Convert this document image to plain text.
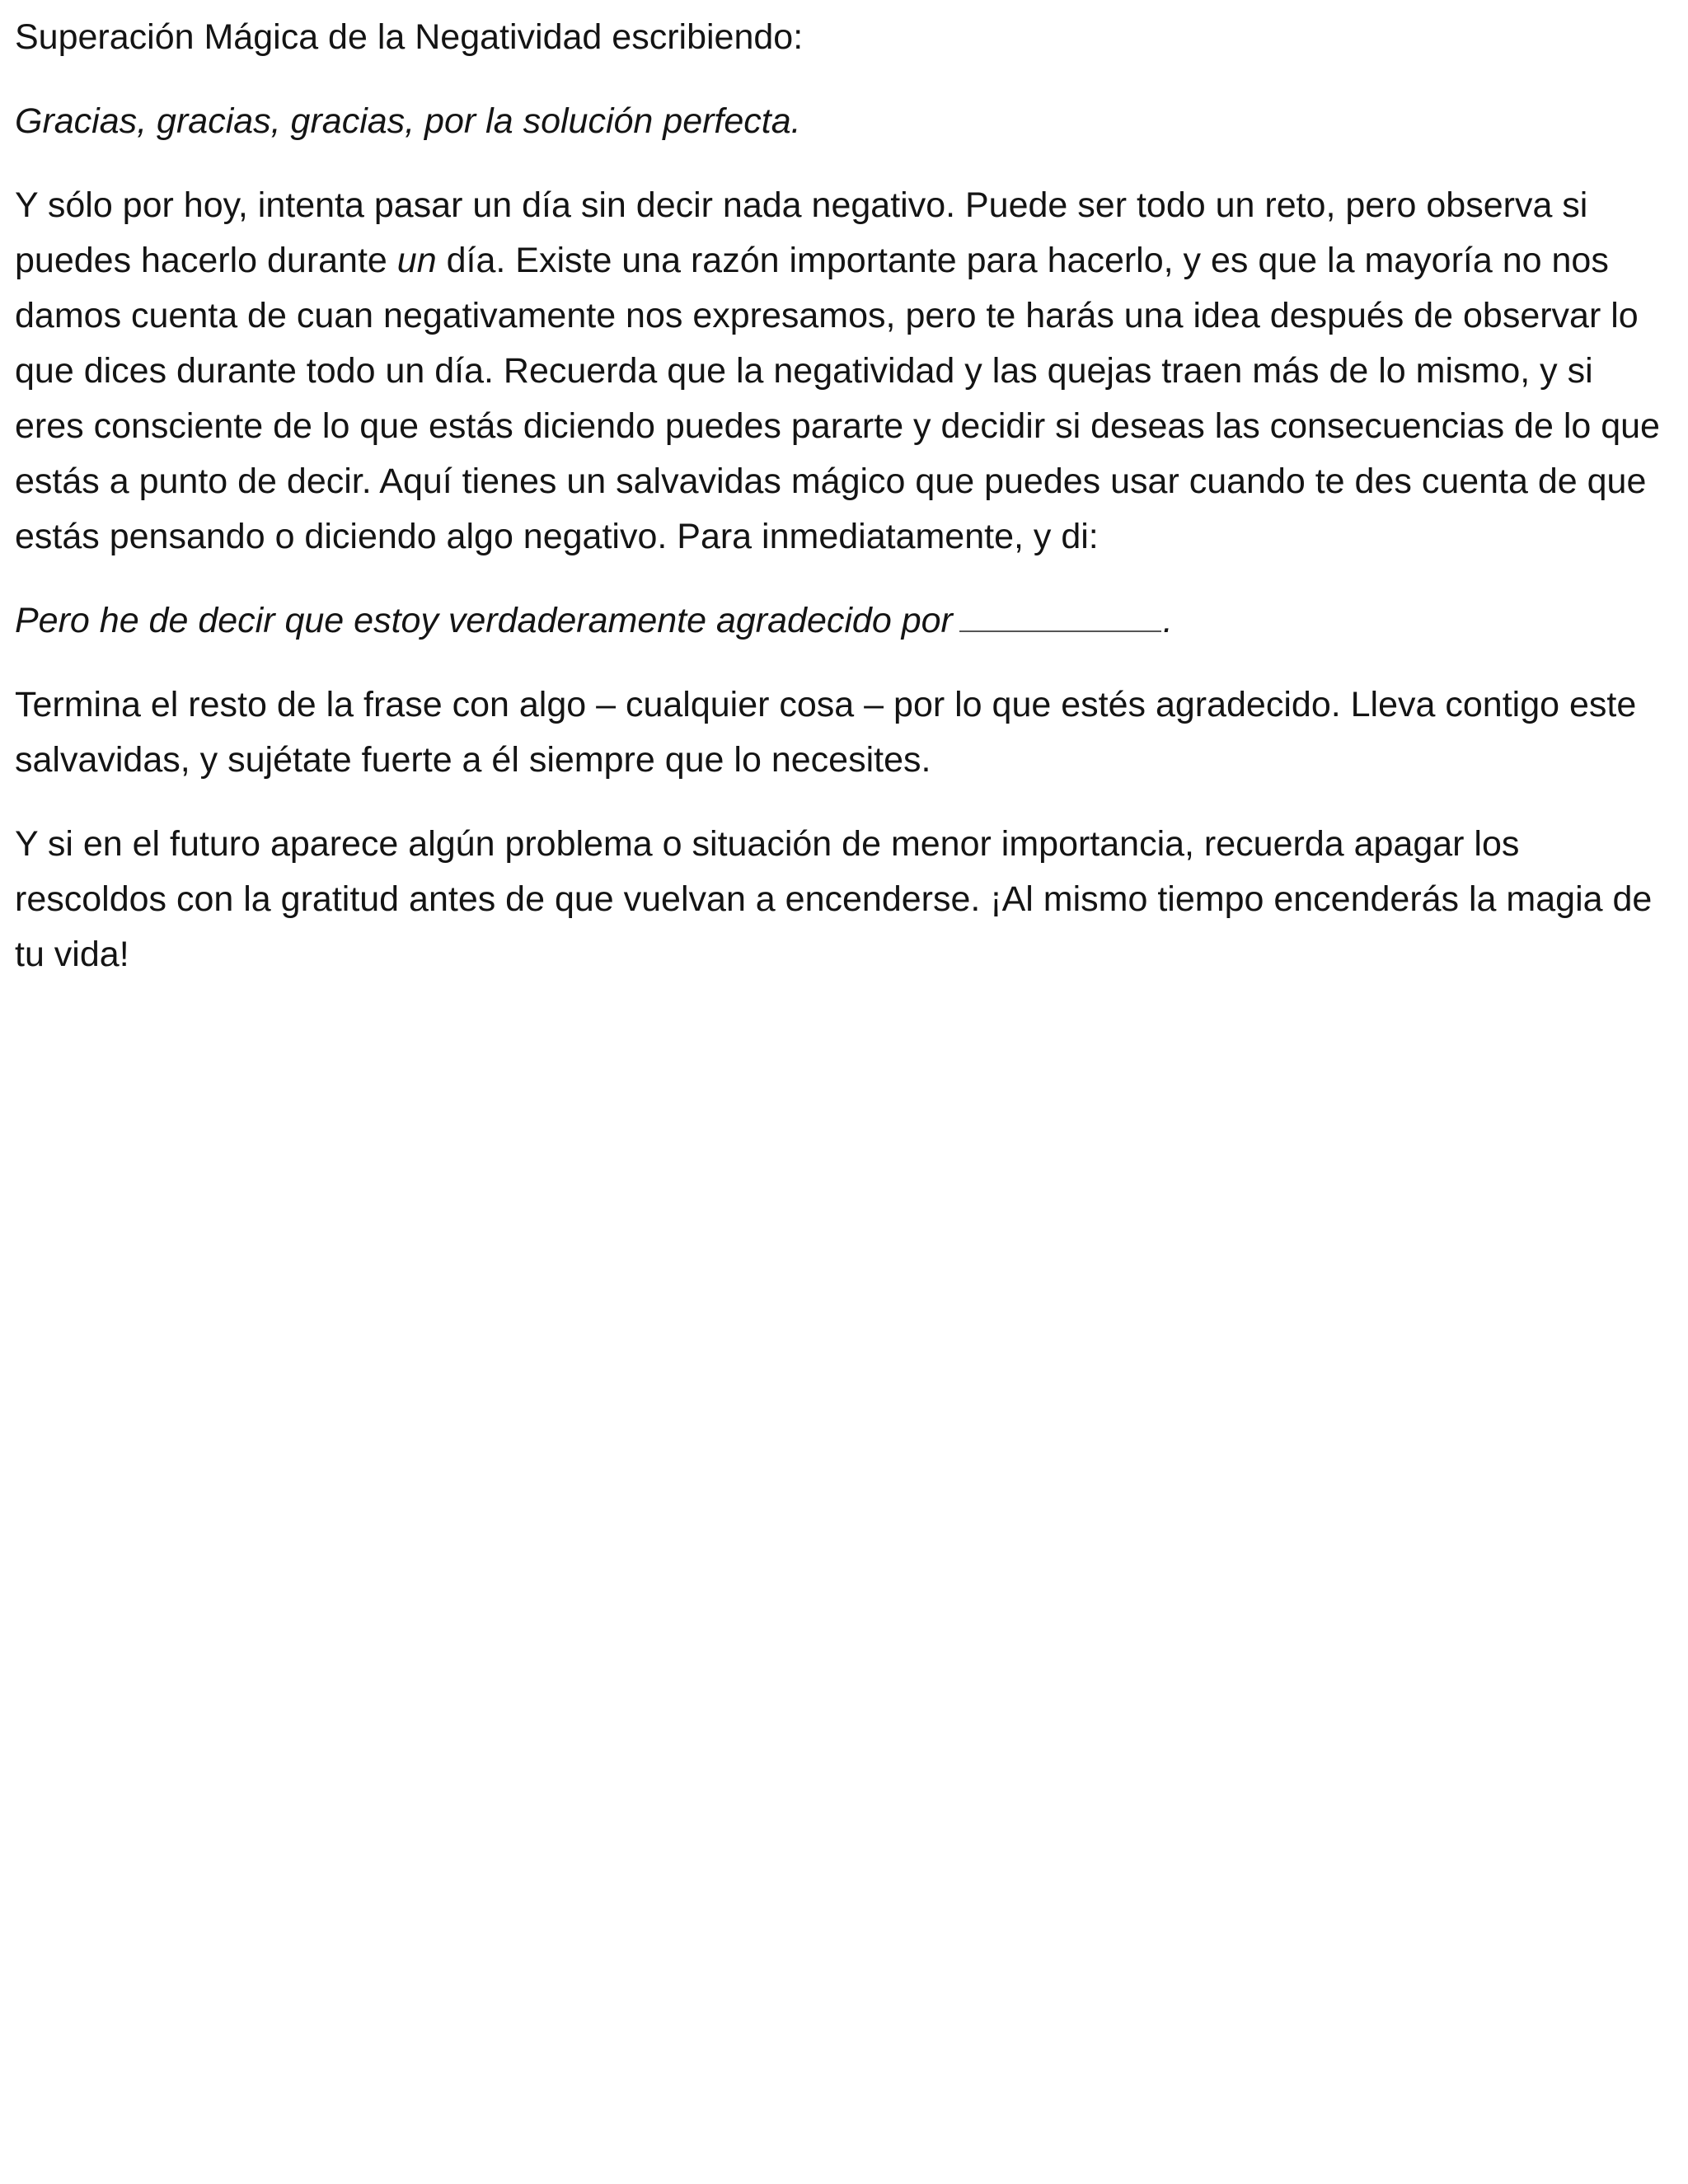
Superación Mágica de la Negatividad escribiendo:

Gracias, gracias, gracias, por la solución perfecta.

Y sólo por hoy, intenta pasar un día sin decir nada negativo. Puede ser todo un reto, pero observa si puedes hacerlo durante un día. Existe una razón importante para hacerlo, y es que la mayoría no nos damos cuenta de cuan negativamente nos expresamos, pero te harás una idea después de observar lo que dices durante todo un día. Recuerda que la negatividad y las quejas traen más de lo mismo, y si eres consciente de lo que estás diciendo puedes pararte y decidir si deseas las consecuencias de lo que estás a punto de decir. Aquí tienes un salvavidas mágico que puedes usar cuando te des cuenta de que estás pensando o diciendo algo negativo. Para inmediatamente, y di:

Pero he de decir que estoy verdaderamente agradecido por	.

Termina el resto de la frase con algo – cualquier cosa – por lo que estés agradecido. Lleva contigo este salvavidas, y sujétate fuerte a él siempre que lo necesites.

Y si en el futuro aparece algún problema o situación de menor importancia, recuerda apagar los rescoldos con la gratitud antes de que vuelvan a encenderse. ¡Al mismo tiempo encenderás la magia de tu vida!
